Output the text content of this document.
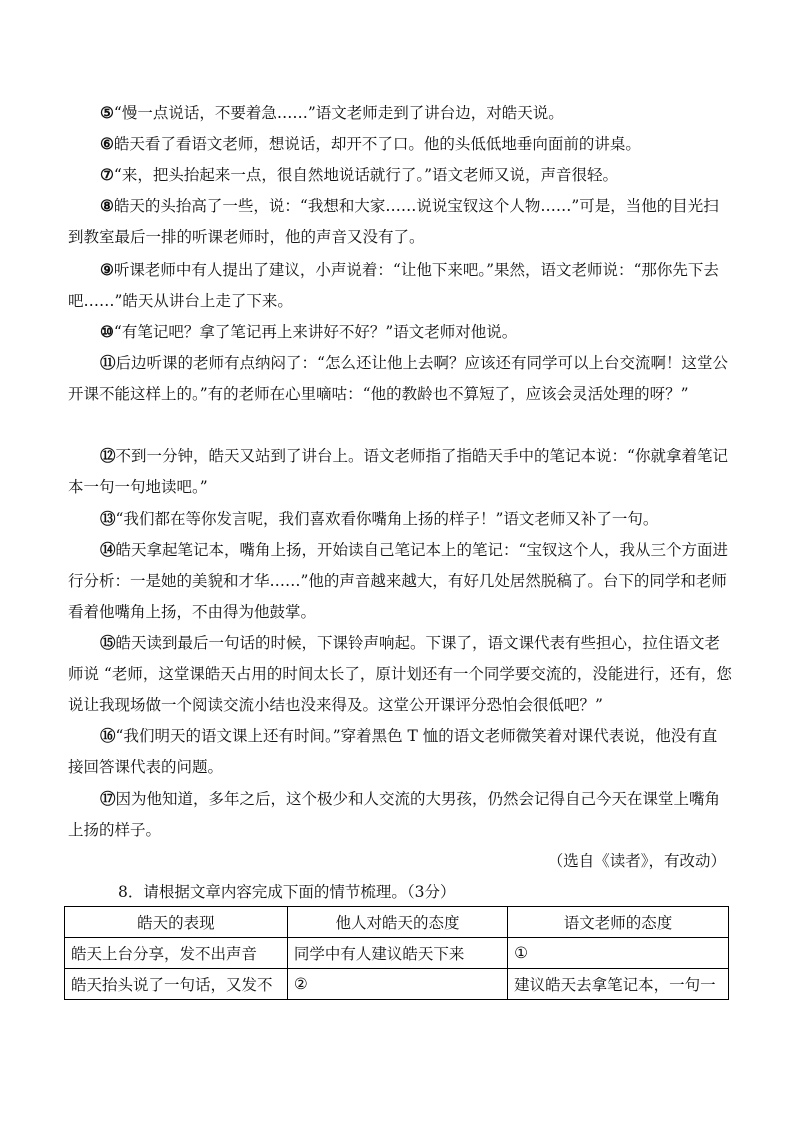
⑤“慢一点说话，不要着急……”语文老师走到了讲台边，对皓天说。

⑥皓天看了看语文老师，想说话，却开不了口。他的头低低地垂向面前的讲桌。

⑦“来，把头抬起来一点，很自然地说话就行了。”语文老师又说，声音很轻。

⑧皓天的头抬高了一些，说：“我想和大家……说说宝钗这个人物……”可是，当他的目光扫到教室最后一排的听课老师时，他的声音又没有了。

⑨听课老师中有人提出了建议，小声说着：“让他下来吧。”果然，语文老师说：“那你先下去吧……”皓天从讲台上走了下来。

⑩“有笔记吧？拿了笔记再上来讲好不好？”语文老师对他说。

⑪后边听课的老师有点纳闷了：“怎么还让他上去啊？应该还有同学可以上台交流啊！这堂公开课不能这样上的。”有的老师在心里嘀咕：“他的教龄也不算短了，应该会灵活处理的呀？”

⑫不到一分钟，皓天又站到了讲台上。语文老师指了指皓天手中的笔记本说：“你就拿着笔记本一句一句地读吧。”

⑬“我们都在等你发言呢，我们喜欢看你嘴角上扬的样子！”语文老师又补了一句。

⑭皓天拿起笔记本，嘴角上扬，开始读自己笔记本上的笔记：“宝钗这个人，我从三个方面进行分析：一是她的美貌和才华……”他的声音越来越大，有好几处居然脱稿了。台下的同学和老师看着他嘴角上扬，不由得为他鼓掌。

⑮皓天读到最后一句话的时候，下课铃声响起。下课了，语文课代表有些担心，拉住语文老师说 “老师，这堂课皓天占用的时间太长了，原计划还有一个同学要交流的，没能进行，还有，您说让我现场做一个阅读交流小结也没来得及。这堂公开课评分恐怕会很低吧？”

⑯“我们明天的语文课上还有时间。”穿着黑色 T 恤的语文老师微笑着对课代表说，他没有直接回答课代表的问题。

⑰因为他知道，多年之后，这个极少和人交流的大男孩，仍然会记得自己今天在课堂上嘴角上扬的样子。

（选自《读者》，有改动）
8．请根据文章内容完成下面的情节梳理。（3分）
皓天的表现	他人对皓天的态度	语文老师的态度
皓天上台分享，发不出声音	同学中有人建议皓天下来	①
皓天抬头说了一句话，又发不	②	建议皓天去拿笔记本，一句一
